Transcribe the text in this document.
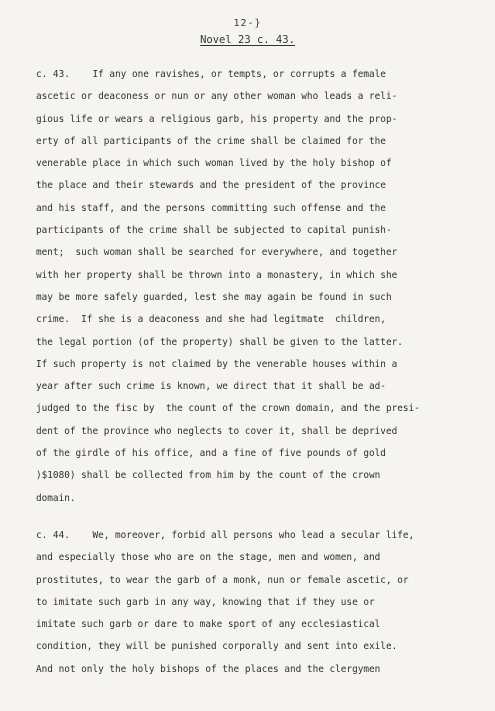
12-}
Novel 23 c. 43.
c. 43.    If any one ravishes, or tempts, or corrupts a female
ascetic or deaconess or nun or any other woman who leads a reli-
gious life or wears a religious garb, his property and the prop-
erty of all participants of the crime shall be claimed for the
venerable place in which such woman lived by the holy bishop of
the place and their stewards and the president of the province
and his staff, and the persons committing such offense and the
participants of the crime shall be subjected to capital punish-
ment;  such woman shall be searched for everywhere, and together
with her property shall be thrown into a monastery, in which she
may be more safely guarded, lest she may again be found in such
crime.  If she is a deaconess and she had legitmate  children,
the legal portion (of the property) shall be given to the latter.
If such property is not claimed by the venerable houses within a
year after such crime is known, we direct that it shall be ad-
judged to the fisc by  the count of the crown domain, and the presi-
dent of the province who neglects to cover it, shall be deprived
of the girdle of his office, and a fine of five pounds of gold
)$1080) shall be collected from him by the count of the crown
domain.
c. 44.    We, moreover, forbid all persons who lead a secular life,
and especially those who are on the stage, men and women, and
prostitutes, to wear the garb of a monk, nun or female ascetic, or
to imitate such garb in any way, knowing that if they use or
imitate such garb or dare to make sport of any ecclesiastical
condition, they will be punished corporally and sent into exile.
And not only the holy bishops of the places and the clergymen
